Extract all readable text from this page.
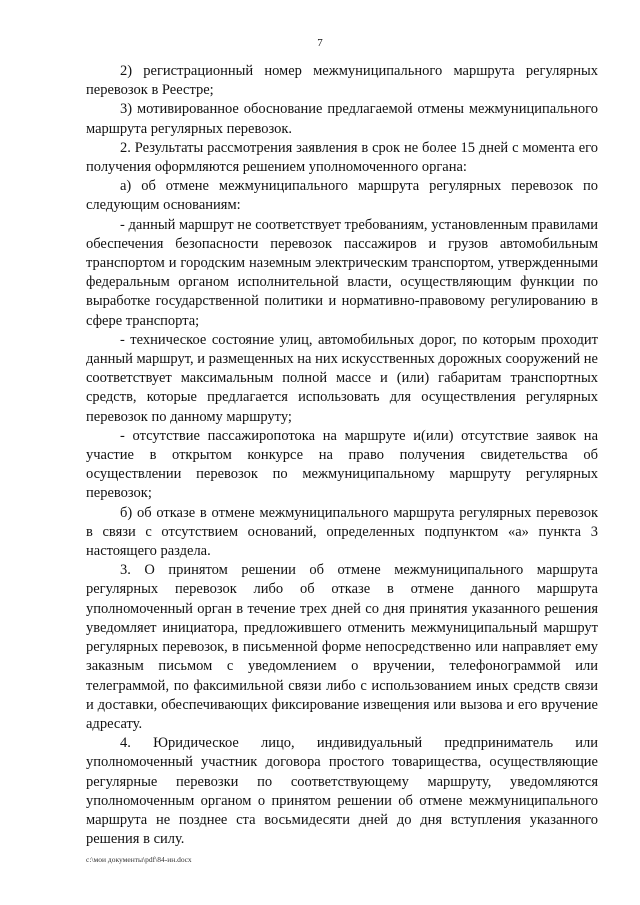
7

2) регистрационный номер межмуниципального маршрута регулярных перевозок в Реестре;

3) мотивированное обоснование предлагаемой отмены межмуниципального маршрута регулярных перевозок.

2. Результаты рассмотрения заявления в срок не более 15 дней с момента его получения оформляются решением уполномоченного органа:

а) об отмене межмуниципального маршрута регулярных перевозок по следующим основаниям:

- данный маршрут не соответствует требованиям, установленным правилами обеспечения безопасности перевозок пассажиров и грузов автомобильным транспортом и городским наземным электрическим транспортом, утвержденными федеральным органом исполнительной власти, осуществляющим функции по выработке государственной политики и нормативно-правовому регулированию в сфере транспорта;

- техническое состояние улиц, автомобильных дорог, по которым проходит данный маршрут, и размещенных на них искусственных дорожных сооружений не соответствует максимальным полной массе и (или) габаритам транспортных средств, которые предлагается использовать для осуществления регулярных перевозок по данному маршруту;

- отсутствие пассажиропотока на маршруте и(или) отсутствие заявок на участие в открытом конкурсе на право получения свидетельства об осуществлении перевозок по межмуниципальному маршруту регулярных перевозок;

б) об отказе в отмене межмуниципального маршрута регулярных перевозок в связи с отсутствием оснований, определенных подпунктом «а» пункта 3 настоящего раздела.

3. О принятом решении об отмене межмуниципального маршрута регулярных перевозок либо об отказе в отмене данного маршрута уполномоченный орган в течение трех дней со дня принятия указанного решения уведомляет инициатора, предложившего отменить межмуниципальный маршрут регулярных перевозок, в письменной форме непосредственно или направляет ему заказным письмом с уведомлением о вручении, телефонограммой или телеграммой, по факсимильной связи либо с использованием иных средств связи и доставки, обеспечивающих фиксирование извещения или вызова и его вручение адресату.

4. Юридическое лицо, индивидуальный предприниматель или уполномоченный участник договора простого товарищества, осуществляющие регулярные перевозки по соответствующему маршруту, уведомляются уполномоченным органом о принятом решении об отмене межмуниципального маршрута не позднее ста восьмидесяти дней до дня вступления указанного решения в силу.

c:\мои документы\pdf\84-ин.docx
